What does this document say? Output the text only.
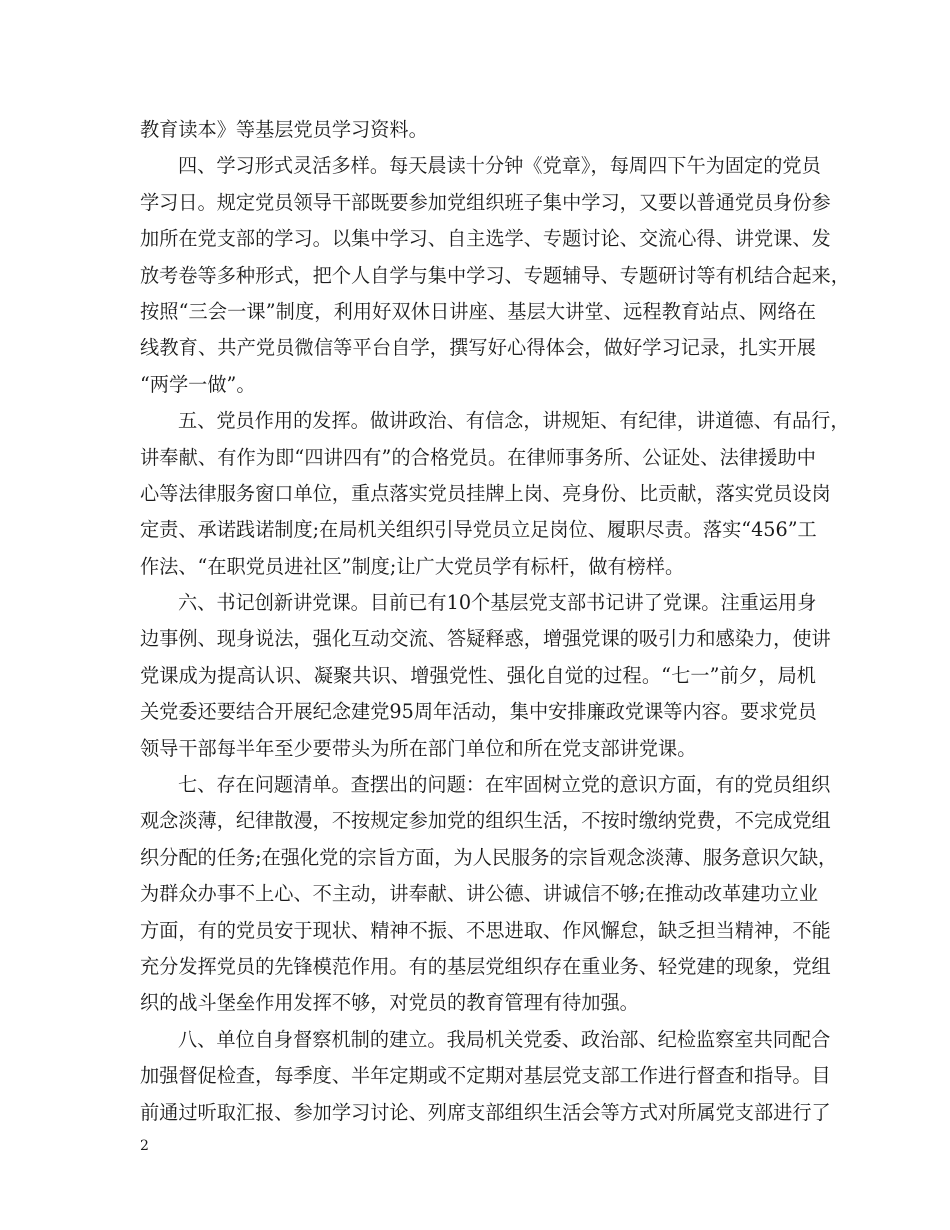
教育读本》等基层党员学习资料。
四、学习形式灵活多样。每天晨读十分钟《党章》，每周四下午为固定的党员
学习日。规定党员领导干部既要参加党组织班子集中学习，又要以普通党员身份参
加所在党支部的学习。以集中学习、自主选学、专题讨论、交流心得、讲党课、发
放考卷等多种形式，把个人自学与集中学习、专题辅导、专题研讨等有机结合起来，
按照“三会一课”制度，利用好双休日讲座、基层大讲堂、远程教育站点、网络在
线教育、共产党员微信等平台自学，撰写好心得体会，做好学习记录，扎实开展
“两学一做”。
五、党员作用的发挥。做讲政治、有信念，讲规矩、有纪律，讲道德、有品行，
讲奉献、有作为即“四讲四有”的合格党员。在律师事务所、公证处、法律援助中
心等法律服务窗口单位，重点落实党员挂牌上岗、亮身份、比贡献，落实党员设岗
定责、承诺践诺制度;在局机关组织引导党员立足岗位、履职尽责。落实“456”工
作法、“在职党员进社区”制度;让广大党员学有标杆，做有榜样。
六、书记创新讲党课。目前已有10个基层党支部书记讲了党课。注重运用身
边事例、现身说法，强化互动交流、答疑释惑，增强党课的吸引力和感染力，使讲
党课成为提高认识、凝聚共识、增强党性、强化自觉的过程。“七一”前夕，局机
关党委还要结合开展纪念建党95周年活动，集中安排廉政党课等内容。要求党员
领导干部每半年至少要带头为所在部门单位和所在党支部讲党课。
七、存在问题清单。查摆出的问题：在牢固树立党的意识方面，有的党员组织
观念淡薄，纪律散漫，不按规定参加党的组织生活，不按时缴纳党费，不完成党组
织分配的任务;在强化党的宗旨方面，为人民服务的宗旨观念淡薄、服务意识欠缺，
为群众办事不上心、不主动，讲奉献、讲公德、讲诚信不够;在推动改革建功立业
方面，有的党员安于现状、精神不振、不思进取、作风懈怠，缺乏担当精神，不能
充分发挥党员的先锋模范作用。有的基层党组织存在重业务、轻党建的现象，党组
织的战斗堡垒作用发挥不够，对党员的教育管理有待加强。
八、单位自身督察机制的建立。我局机关党委、政治部、纪检监察室共同配合
加强督促检查，每季度、半年定期或不定期对基层党支部工作进行督查和指导。目
前通过听取汇报、参加学习讨论、列席支部组织生活会等方式对所属党支部进行了
2
